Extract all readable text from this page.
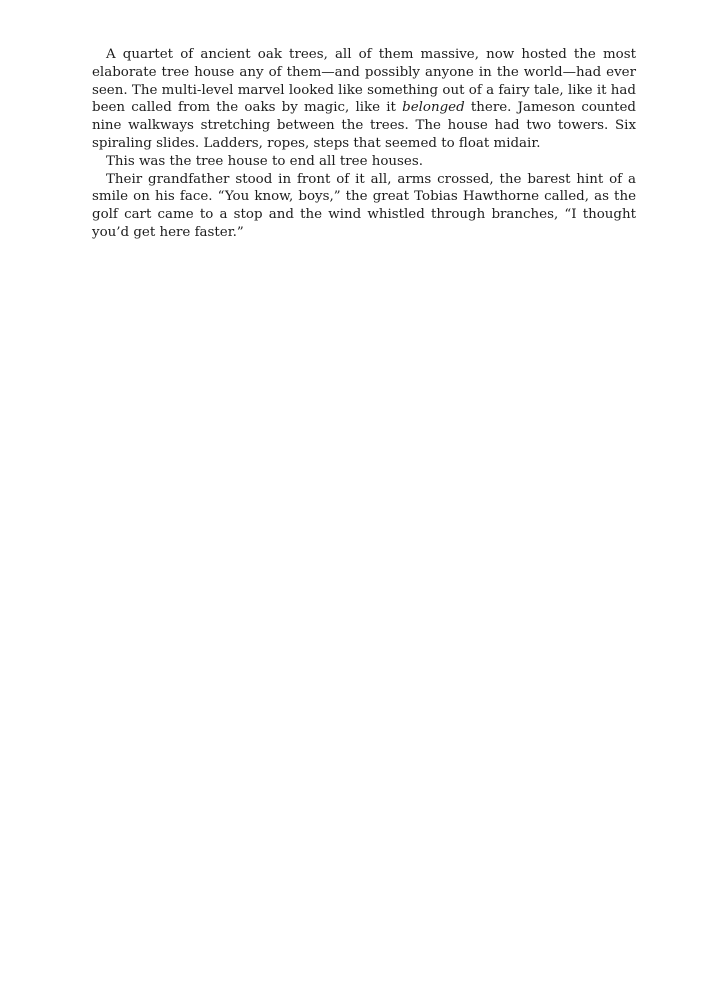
A quartet of ancient oak trees, all of them massive, now hosted the most elaborate tree house any of them—and possibly anyone in the world—had ever seen. The multi-level marvel looked like something out of a fairy tale, like it had been called from the oaks by magic, like it belonged there. Jameson counted nine walkways stretching between the trees. The house had two towers. Six spiraling slides. Ladders, ropes, steps that seemed to float midair.

This was the tree house to end all tree houses.

Their grandfather stood in front of it all, arms crossed, the barest hint of a smile on his face. “You know, boys,” the great Tobias Hawthorne called, as the golf cart came to a stop and the wind whistled through branches, “I thought you’d get here faster.”
